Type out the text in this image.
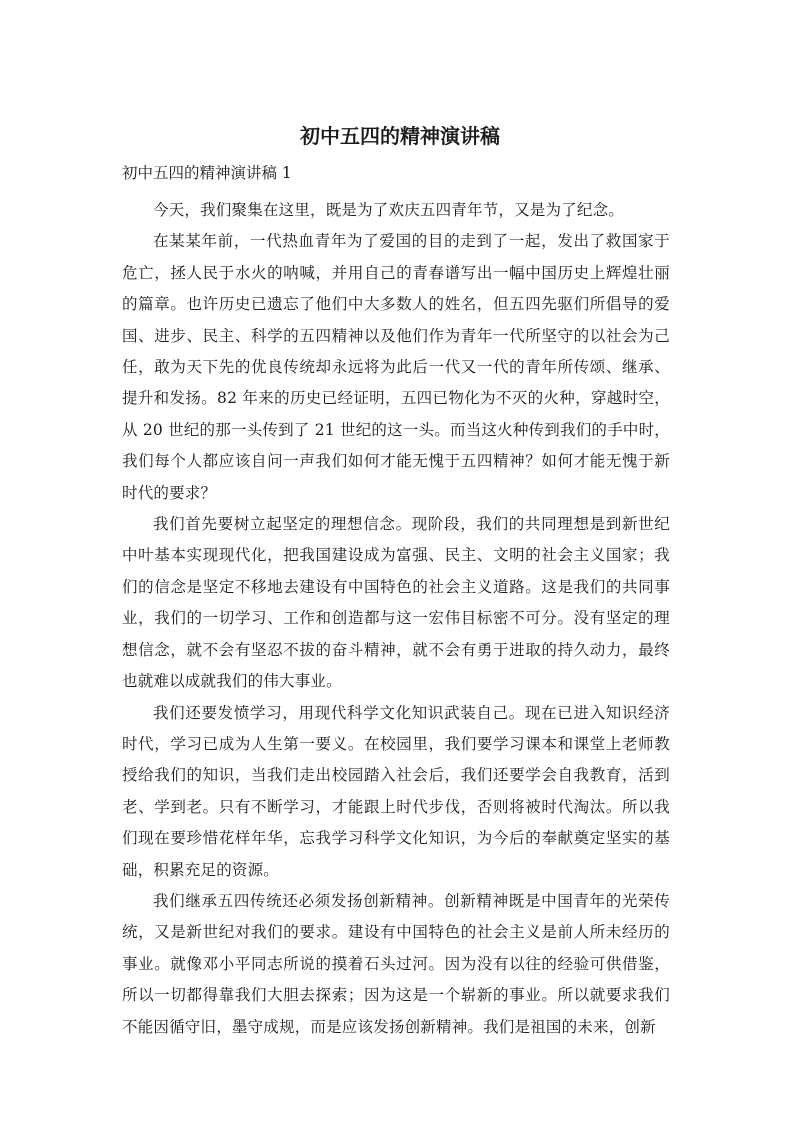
初中五四的精神演讲稿

初中五四的精神演讲稿 1

今天，我们聚集在这里，既是为了欢庆五四青年节，又是为了纪念。

在某某年前，一代热血青年为了爱国的目的走到了一起，发出了救国家于危亡，拯人民于水火的呐喊，并用自己的青春谱写出一幅中国历史上辉煌壮丽的篇章。也许历史已遗忘了他们中大多数人的姓名，但五四先驱们所倡导的爱国、进步、民主、科学的五四精神以及他们作为青年一代所坚守的以社会为己任，敢为天下先的优良传统却永远将为此后一代又一代的青年所传颂、继承、提升和发扬。82 年来的历史已经证明，五四已物化为不灭的火种，穿越时空，从 20 世纪的那一头传到了 21 世纪的这一头。而当这火种传到我们的手中时，我们每个人都应该自问一声我们如何才能无愧于五四精神？如何才能无愧于新时代的要求？

我们首先要树立起坚定的理想信念。现阶段，我们的共同理想是到新世纪中叶基本实现现代化，把我国建设成为富强、民主、文明的社会主义国家；我们的信念是坚定不移地去建设有中国特色的社会主义道路。这是我们的共同事业，我们的一切学习、工作和创造都与这一宏伟目标密不可分。没有坚定的理想信念，就不会有坚忍不拔的奋斗精神，就不会有勇于进取的持久动力，最终也就难以成就我们的伟大事业。

我们还要发愤学习，用现代科学文化知识武装自己。现在已进入知识经济时代，学习已成为人生第一要义。在校园里，我们要学习课本和课堂上老师教授给我们的知识，当我们走出校园踏入社会后，我们还要学会自我教育，活到老、学到老。只有不断学习，才能跟上时代步伐，否则将被时代淘汰。所以我们现在要珍惜花样年华，忘我学习科学文化知识，为今后的奉献奠定坚实的基础，积累充足的资源。

我们继承五四传统还必须发扬创新精神。创新精神既是中国青年的光荣传统，又是新世纪对我们的要求。建设有中国特色的社会主义是前人所未经历的事业。就像邓小平同志所说的摸着石头过河。因为没有以往的经验可供借鉴，所以一切都得靠我们大胆去探索；因为这是一个崭新的事业。所以就要求我们不能因循守旧，墨守成规，而是应该发扬创新精神。我们是祖国的未来，创新
